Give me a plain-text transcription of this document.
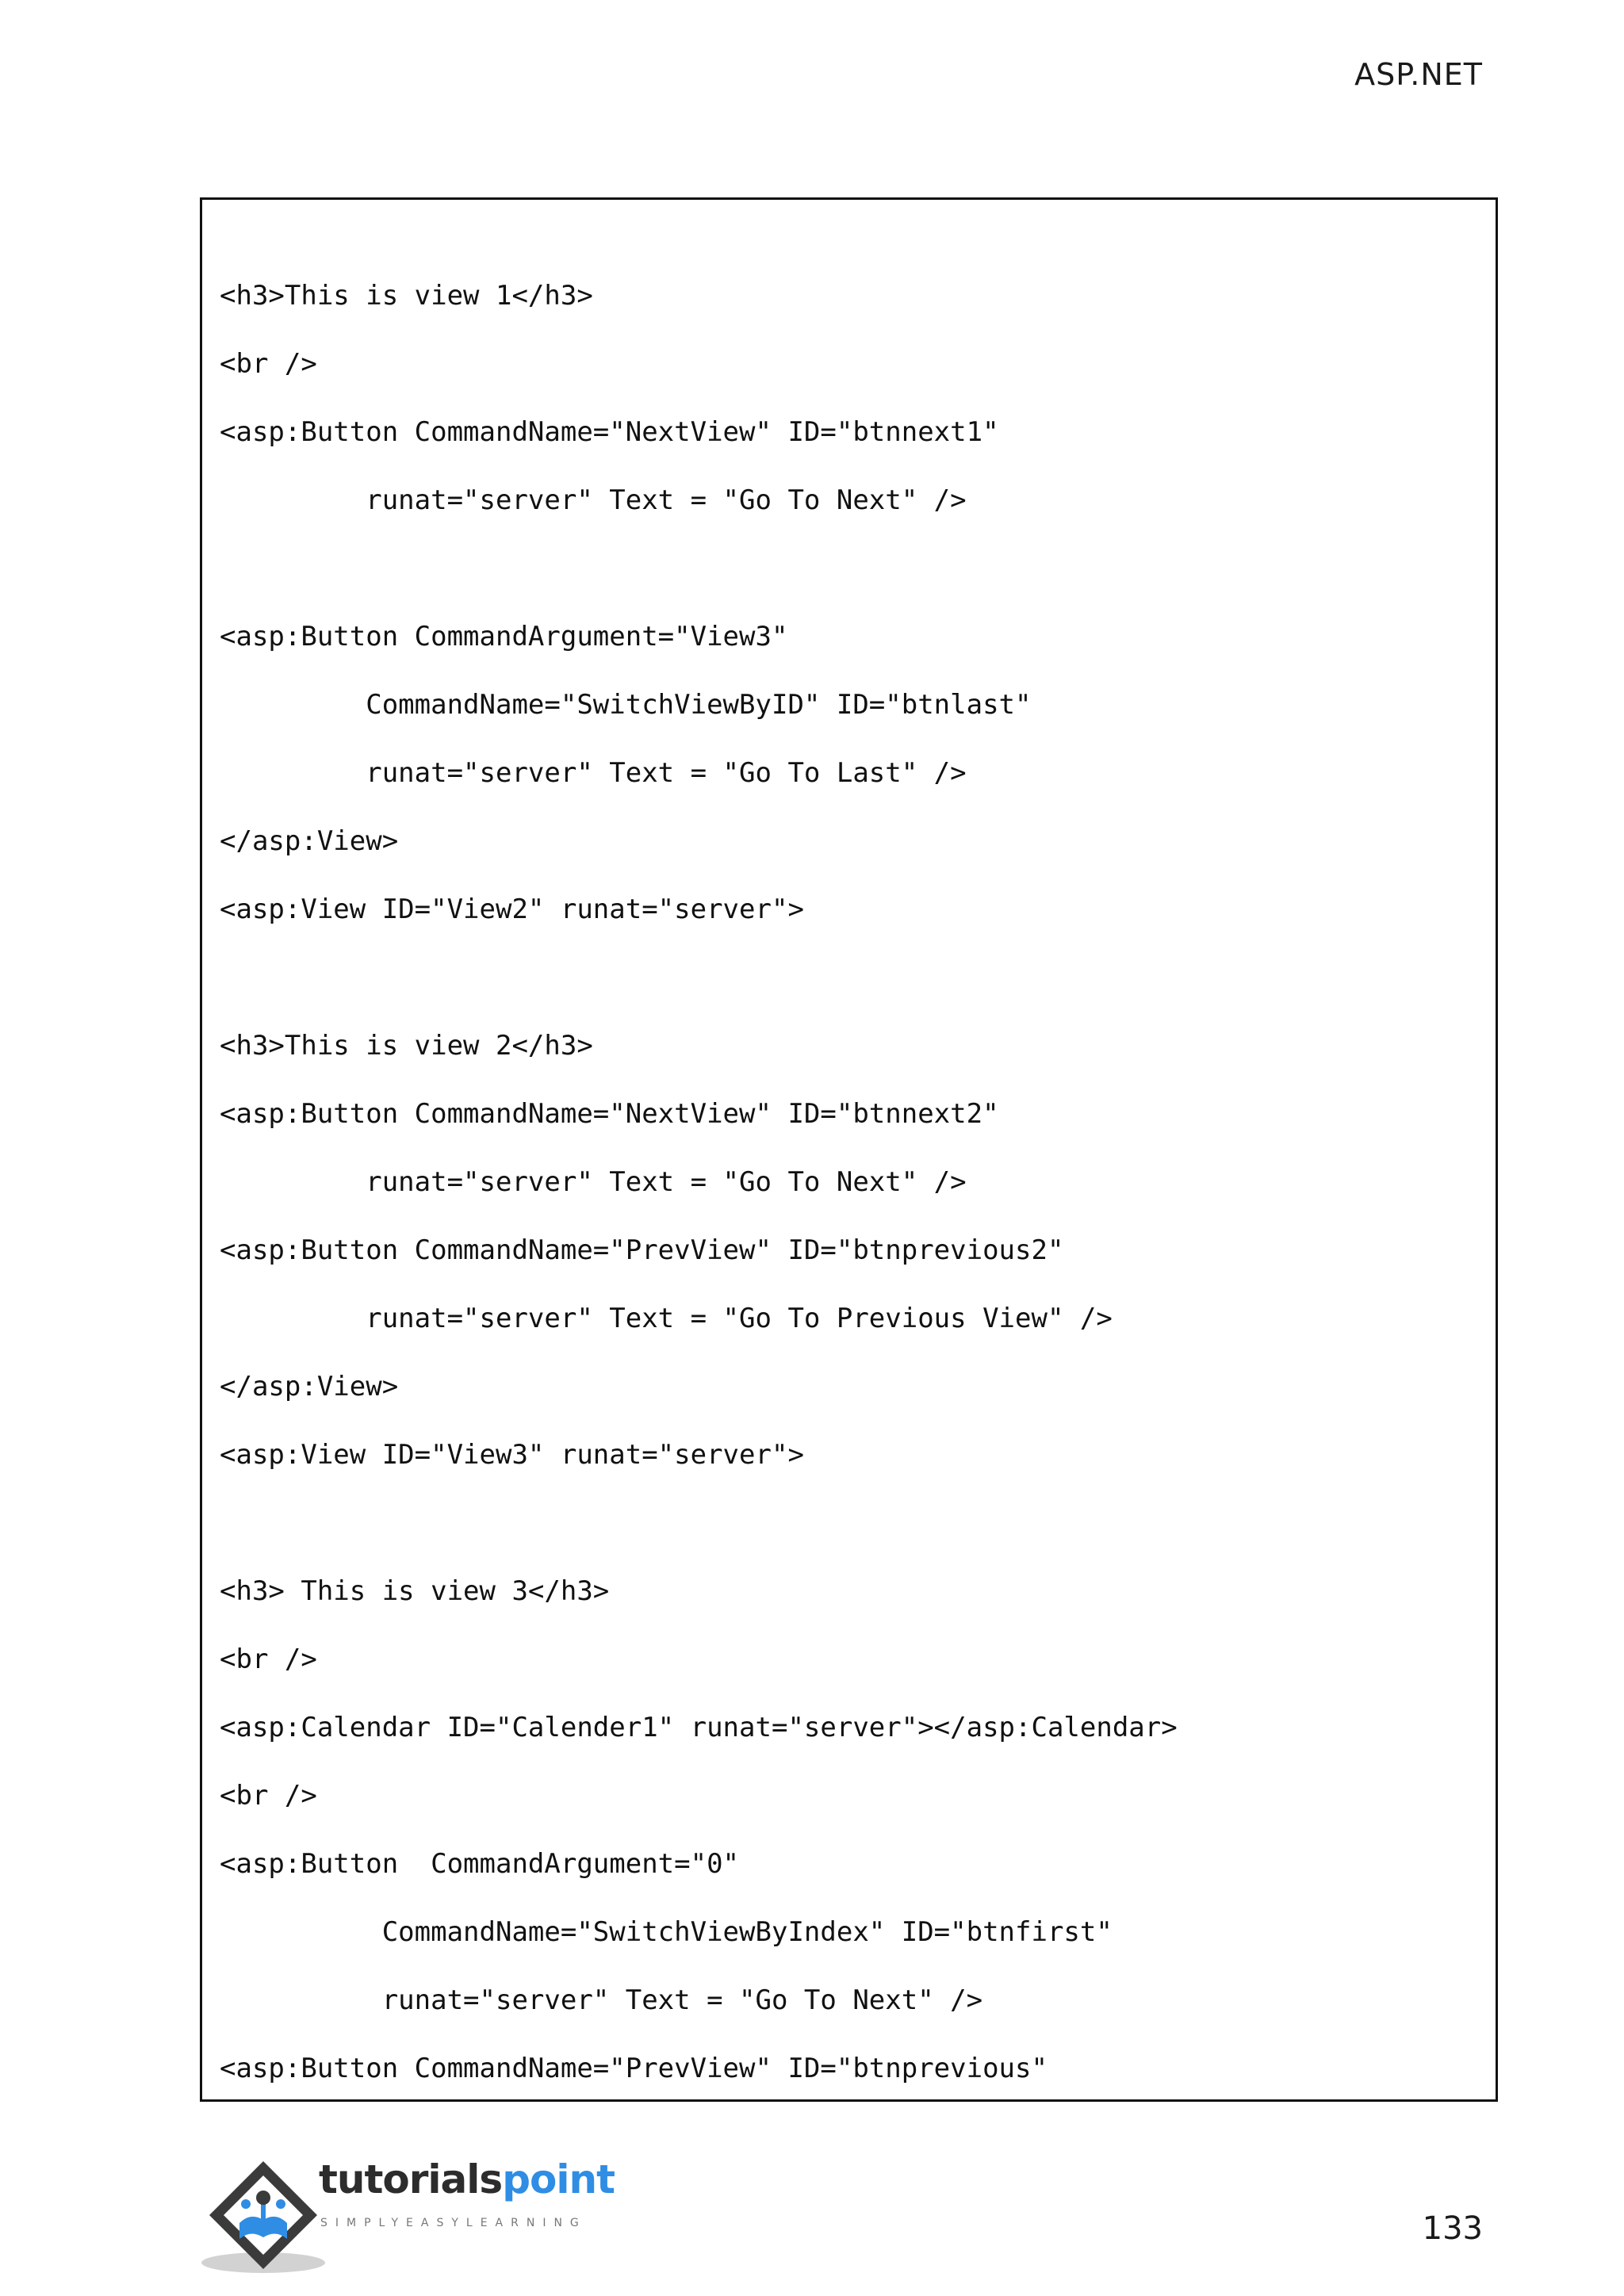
ASP.NET
<h3>This is view 1</h3>
<br />
<asp:Button CommandName="NextView" ID="btnnext1"
runat="server" Text = "Go To Next" />
<asp:Button CommandArgument="View3"
CommandName="SwitchViewByID" ID="btnlast"
runat="server" Text = "Go To Last" />
</asp:View>
<asp:View ID="View2" runat="server">
<h3>This is view 2</h3>
<asp:Button CommandName="NextView" ID="btnnext2"
runat="server" Text = "Go To Next" />
<asp:Button CommandName="PrevView" ID="btnprevious2"
runat="server" Text = "Go To Previous View" />
</asp:View>
<asp:View ID="View3" runat="server">
<h3> This is view 3</h3>
<br />
<asp:Calendar ID="Calender1" runat="server"></asp:Calendar>
<br />
<asp:Button  CommandArgument="0"
CommandName="SwitchViewByIndex" ID="btnfirst"
runat="server" Text = "Go To Next" />
<asp:Button CommandName="PrevView" ID="btnprevious"
tutorialspoint
SIMPLYEASYLEARNING	133
